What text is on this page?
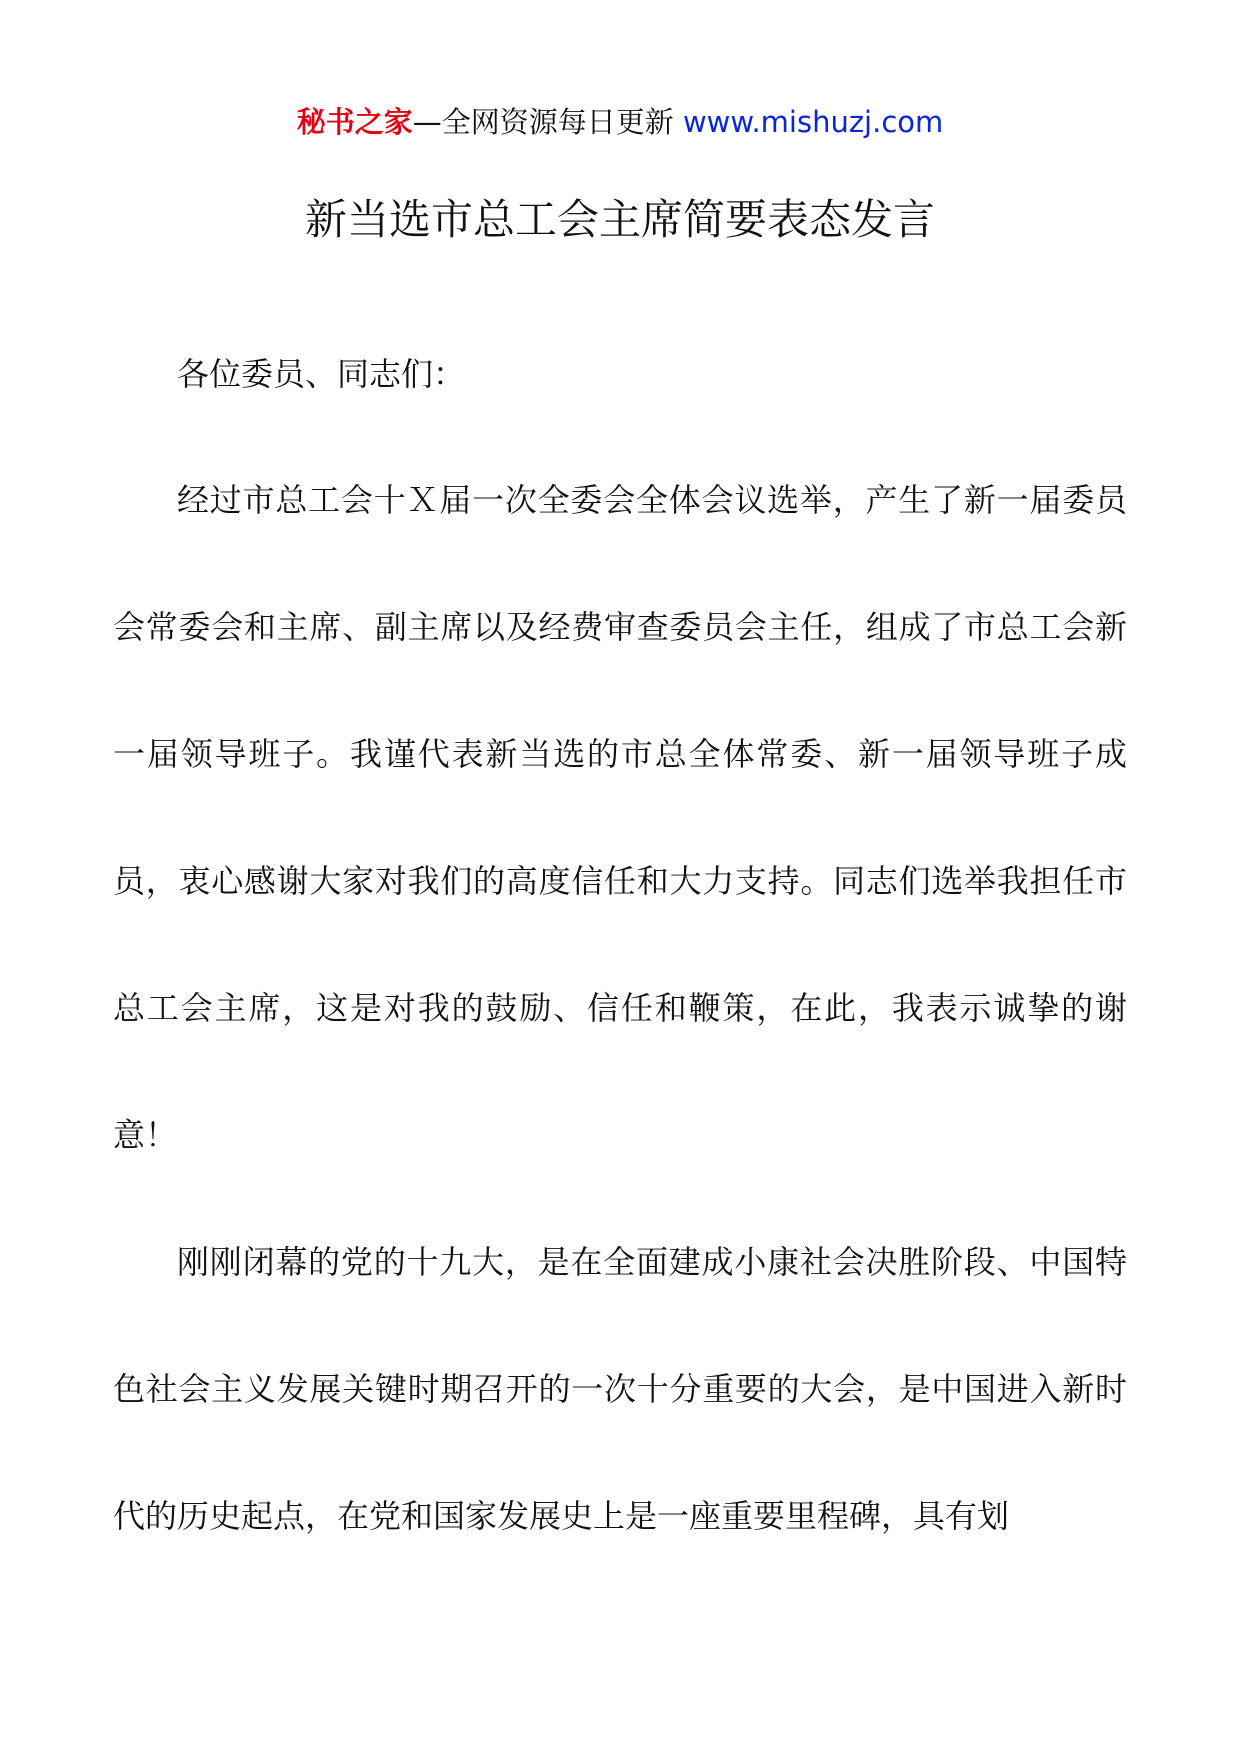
秘书之家—全网资源每日更新 www.mishuzj.com
新当选市总工会主席简要表态发言

各位委员、同志们：

经过市总工会十Ｘ届一次全委会全体会议选举，产生了新一届委员会常委会和主席、副主席以及经费审查委员会主任，组成了市总工会新一届领导班子。我谨代表新当选的市总全体常委、新一届领导班子成员，衷心感谢大家对我们的高度信任和大力支持。同志们选举我担任市总工会主席，这是对我的鼓励、信任和鞭策，在此，我表示诚挚的谢意！

刚刚闭幕的党的十九大，是在全面建成小康社会决胜阶段、中国特色社会主义发展关键时期召开的一次十分重要的大会，是中国进入新时代的历史起点，在党和国家发展史上是一座重要里程碑，具有划
